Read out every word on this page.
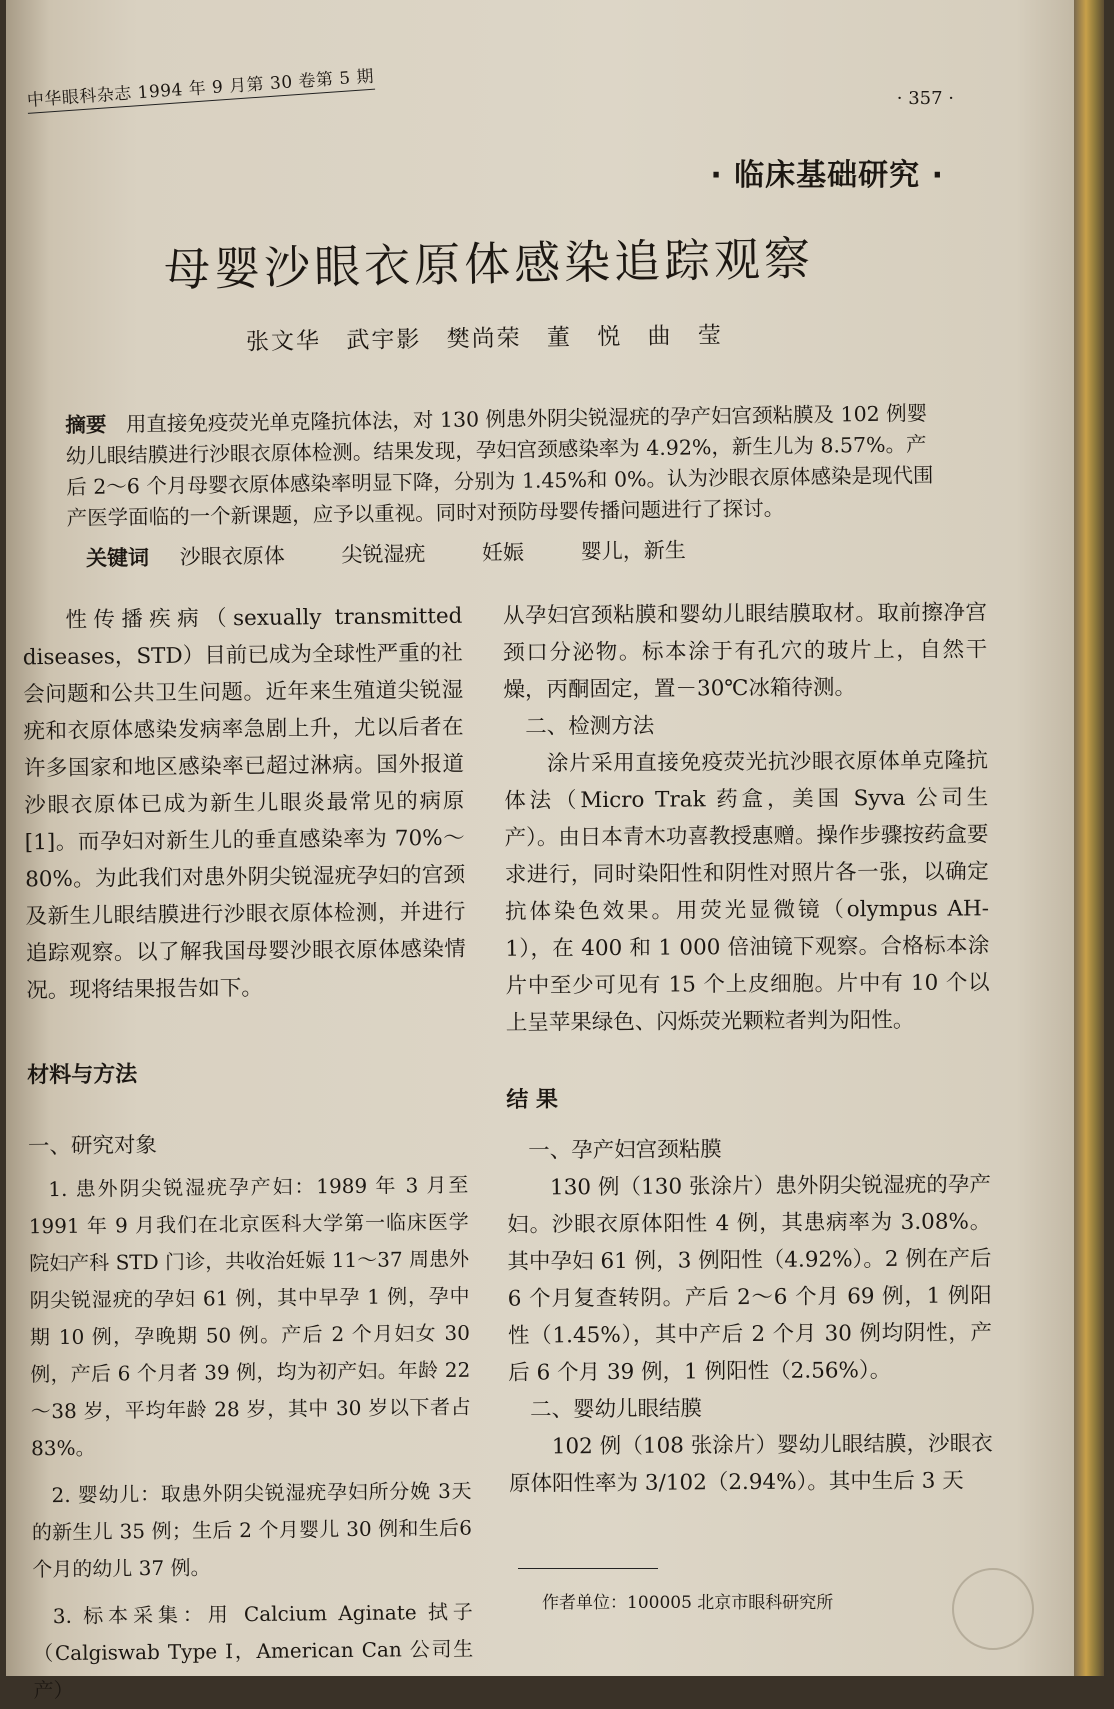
中华眼科杂志 1994 年 9 月第 30 卷第 5 期	· 357 ·
· 临床基础研究 ·
母婴沙眼衣原体感染追踪观察
张文华 武宇影 樊尚荣 董 悦 曲 莹
摘要 用直接免疫荧光单克隆抗体法，对 130 例患外阴尖锐湿疣的孕产妇宫颈粘膜及 102 例婴幼儿眼结膜进行沙眼衣原体检测。结果发现，孕妇宫颈感染率为 4.92%，新生儿为 8.57%。产后 2～6 个月母婴衣原体感染率明显下降，分别为 1.45%和 0%。认为沙眼衣原体感染是现代围产医学面临的一个新课题，应予以重视。同时对预防母婴传播问题进行了探讨。
关键词 沙眼衣原体	尖锐湿疣	妊娠	婴儿，新生

性传播疾病（sexually transmitted diseases，STD）目前已成为全球性严重的社会问题和公共卫生问题。近年来生殖道尖锐湿疣和衣原体感染发病率急剧上升，尤以后者在许多国家和地区感染率已超过淋病。国外报道沙眼衣原体已成为新生儿眼炎最常见的病原[1]。而孕妇对新生儿的垂直感染率为 70%～80%。为此我们对患外阴尖锐湿疣孕妇的宫颈及新生儿眼结膜进行沙眼衣原体检测，并进行追踪观察。以了解我国母婴沙眼衣原体感染情况。现将结果报告如下。

材料与方法

一、研究对象

1. 患外阴尖锐湿疣孕产妇：1989 年 3 月至 1991 年 9 月我们在北京医科大学第一临床医学院妇产科 STD 门诊，共收治妊娠 11～37 周患外阴尖锐湿疣的孕妇 61 例，其中早孕 1 例，孕中期 10 例，孕晚期 50 例。产后 2 个月妇女 30 例，产后 6 个月者 39 例，均为初产妇。年龄 22～38 岁，平均年龄 28 岁，其中 30 岁以下者占83%。

2. 婴幼儿：取患外阴尖锐湿疣孕妇所分娩 3天的新生儿 35 例；生后 2 个月婴儿 30 例和生后6个月的幼儿 37 例。

3. 标本采集：用 Calcium Aginate 拭子（Calgiswab Type I，American Can 公司生产）

从孕妇宫颈粘膜和婴幼儿眼结膜取材。取前擦净宫颈口分泌物。标本涂于有孔穴的玻片上，自然干燥，丙酮固定，置－30℃冰箱待测。

二、检测方法

涂片采用直接免疫荧光抗沙眼衣原体单克隆抗体法（Micro Trak 药盒，美国 Syva 公司生产）。由日本青木功喜教授惠赠。操作步骤按药盒要求进行，同时染阳性和阴性对照片各一张，以确定抗体染色效果。用荧光显微镜（olympus AH-1），在 400 和 1 000 倍油镜下观察。合格标本涂片中至少可见有 15 个上皮细胞。片中有 10 个以上呈苹果绿色、闪烁荧光颗粒者判为阳性。

结 果

一、孕产妇宫颈粘膜

130 例（130 张涂片）患外阴尖锐湿疣的孕产妇。沙眼衣原体阳性 4 例，其患病率为 3.08%。其中孕妇 61 例，3 例阳性（4.92%）。2 例在产后 6 个月复查转阴。产后 2～6 个月 69 例，1 例阳性（1.45%），其中产后 2 个月 30 例均阴性，产后 6 个月 39 例，1 例阳性（2.56%）。

二、婴幼儿眼结膜

102 例（108 张涂片）婴幼儿眼结膜，沙眼衣原体阳性率为 3/102（2.94%）。其中生后 3 天

作者单位：100005 北京市眼科研究所
